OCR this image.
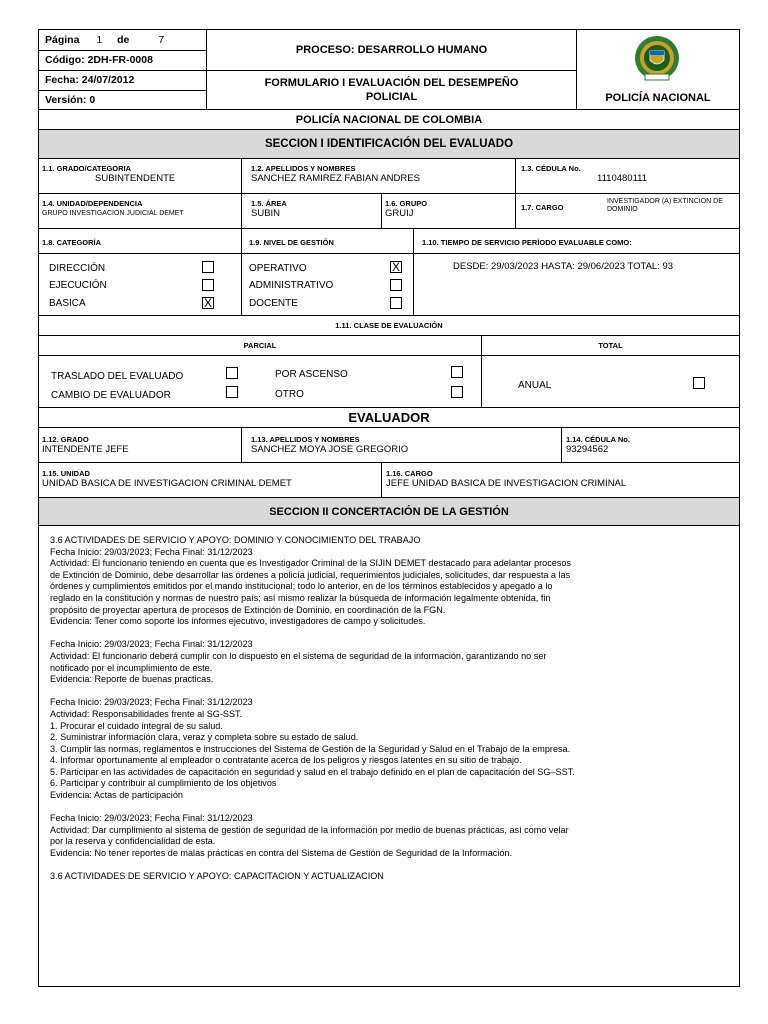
Página 1 de	7
Código: 2DH-FR-0008
Fecha: 24/07/2012
Versión: 0
PROCESO: DESARROLLO HUMANO
FORMULARIO I EVALUACIÓN DEL DESEMPEÑO
POLICIAL	POLICÍA NACIONAL
POLICÍA NACIONAL DE COLOMBIA
SECCION I IDENTIFICACIÓN DEL EVALUADO
1.1. GRADO/CATEGORIA
SUBINTENDENTE
1.2. APELLIDOS Y NOMBRES
SANCHEZ RAMIREZ FABIAN ANDRES
1.3. CÉDULA No.
1110480111
1.4. UNIDAD/DEPENDENCIA
GRUPO INVESTIGACION JUDICIAL DEMET
1.5. ÁREA
SUBIN
1.6. GRUPO
GRUIJ
1.7. CARGO
INVESTIGADOR (A) EXTINCION DE DOMINIO
1.8. CATEGORÍA	1.9. NIVEL DE GESTIÓN	1.10. TIEMPO DE SERVICIO PERÍODO EVALUABLE COMO:
DIRECCIÓN
EJECUCIÓN
BASICA	X
OPERATIVO	X
ADMINISTRATIVO
DOCENTE
DESDE: 29/03/2023 HASTA: 29/06/2023 TOTAL: 93
1.11. CLASE DE EVALUACIÓN
PARCIAL	TOTAL
TRASLADO DEL EVALUADO
CAMBIO DE EVALUADOR
POR ASCENSO
OTRO
ANUAL
EVALUADOR
1.12. GRADO
INTENDENTE JEFE
1.13. APELLIDOS Y NOMBRES
SANCHEZ MOYA JOSE GREGORIO
1.14. CÉDULA No.
93294562
1.15. UNIDAD
UNIDAD BASICA DE INVESTIGACION CRIMINAL DEMET
1.16. CARGO
JEFE UNIDAD BASICA DE INVESTIGACION CRIMINAL
SECCION II CONCERTACIÓN DE LA GESTIÓN

3.6 ACTIVIDADES DE SERVICIO Y APOYO: DOMINIO Y CONOCIMIENTO DEL TRABAJO

Fecha Inicio: 29/03/2023; Fecha Final: 31/12/2023

Actividad: El funcionario teniendo en cuenta que es Investigador Criminal de la SIJIN DEMET destacado para adelantar procesos

de Extinción de Dominio, debe desarrollar las órdenes a policía judicial, requerimientos judiciales, solicitudes, dar respuesta a las

órdenes y cumplimientos emitidos por el mando institucional; todo lo anterior, en de los términos establecidos y apegado a lo

reglado en la constitución y normas de nuestro país; así mismo realizar la búsqueda de información legalmente obtenida, fin

propósito de proyectar apertura de procesos de Extinción de Dominio, en coordinación de la FGN.

Evidencia: Tener como soporte los informes ejecutivo, investigadores de campo y solicitudes.

Fecha Inicio: 29/03/2023; Fecha Final: 31/12/2023

Actividad: El funcionario deberá cumplir con lo dispuesto en el sistema de seguridad de la información, garantizando no ser

notificado por el incumplimiento de este.

Evidencia: Reporte de buenas practicas.

Fecha Inicio: 29/03/2023; Fecha Final: 31/12/2023

Actividad: Responsabilidades frente al SG-SST.

1. Procurar el cuidado integral de su salud.

2. Suministrar información clara, veraz y completa sobre su estado de salud.

3. Cumplir las normas, reglamentos e instrucciones del Sistema de Gestión de la Seguridad y Salud en el Trabajo de la empresa.

4. Informar oportunamente al empleador o contratante acerca de los peligros y riesgos latentes en su sitio de trabajo.

5. Participar en las actividades de capacitación en seguridad y salud en el trabajo definido en el plan de capacitación del SG–SST.

6. Participar y contribuir al cumplimiento de los objetivos

Evidencia: Actas de participación

Fecha Inicio: 29/03/2023; Fecha Final: 31/12/2023

Actividad: Dar cumplimiento al sistema de gestión de seguridad de la información por medio de buenas prácticas, así como velar

por la reserva y confidencialidad de esta.

Evidencia: No tener reportes de malas prácticas en contra del Sistema de Gestión de Seguridad de la Información.

3.6 ACTIVIDADES DE SERVICIO Y APOYO: CAPACITACION Y ACTUALIZACION
